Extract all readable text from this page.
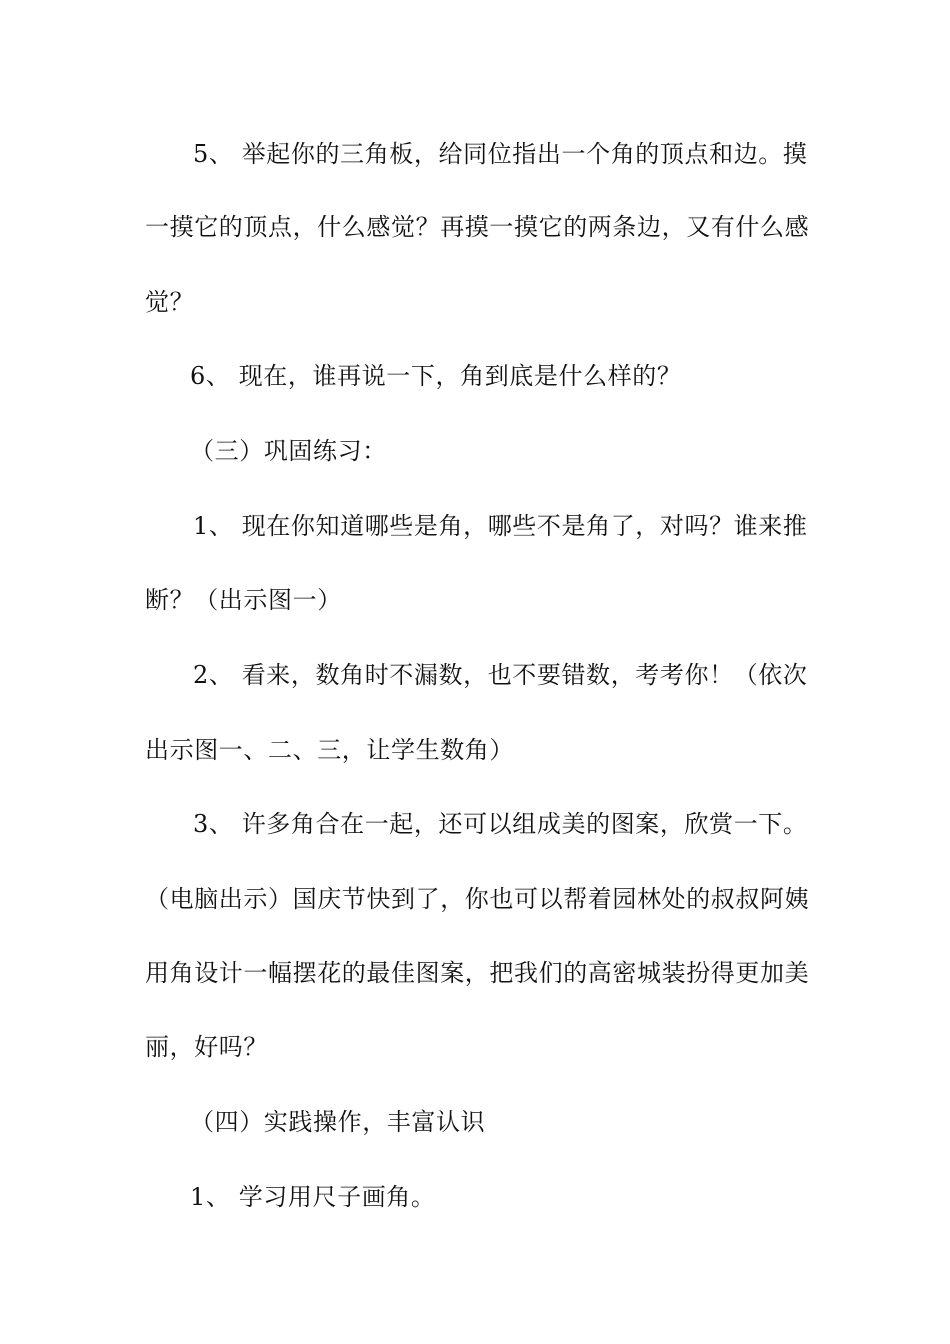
5、 举起你的三角板，给同位指出一个角的顶点和边。摸
一摸它的顶点，什么感觉？再摸一摸它的两条边，又有什么感
觉？
6、 现在，谁再说一下，角到底是什么样的？
（三）巩固练习：
1、 现在你知道哪些是角，哪些不是角了，对吗？谁来推
断？（出示图一）
2、 看来，数角时不漏数，也不要错数，考考你！（依次
出示图一、二、三，让学生数角）
3、 许多角合在一起，还可以组成美的图案，欣赏一下。
（电脑出示）国庆节快到了，你也可以帮着园林处的叔叔阿姨
用角设计一幅摆花的最佳图案，把我们的高密城装扮得更加美
丽，好吗？
（四）实践操作，丰富认识
1、 学习用尺子画角。
